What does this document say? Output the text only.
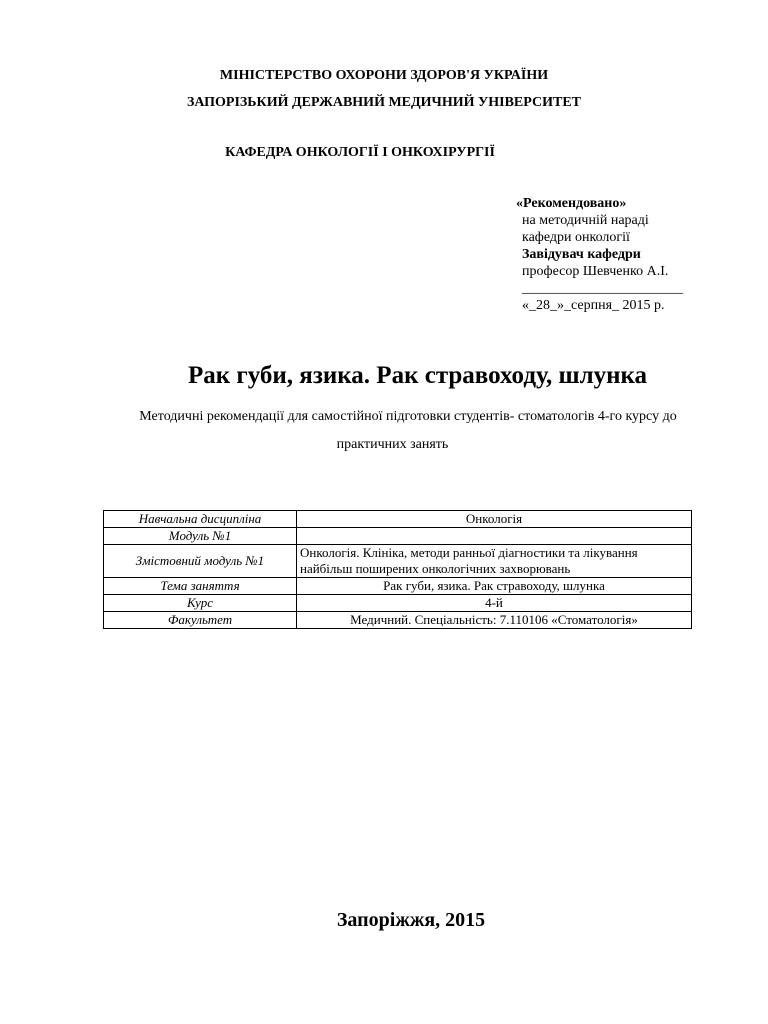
МІНІСТЕРСТВО ОХОРОНИ ЗДОРОВ'Я УКРАЇНИ
ЗАПОРІЗЬКИЙ ДЕРЖАВНИЙ МЕДИЧНИЙ УНІВЕРСИТЕТ
КАФЕДРА ОНКОЛОГІЇ І ОНКОХІРУРГІЇ
«Рекомендовано»
на методичній нараді
кафедри онкології
Завідувач кафедри
професор Шевченко А.І.
_______________________
«_28_»_серпня_ 2015 р.
Рак губи, язика. Рак стравоходу, шлунка
Методичні рекомендації для самостійної підготовки студентів- стоматологів 4-го курсу до
практичних занять
Навчальна дисципліна	Онкологія
Модуль №1	
Змістовний модуль №1	Онкологія. Клініка, методи ранньої діагностики та лікування найбільш поширених онкологічних захворювань
Тема заняття	Рак губи, язика. Рак стравоходу, шлунка
Курс	4-й
Факультет	Медичний. Спеціальність: 7.110106 «Стоматологія»
Запоріжжя, 2015
